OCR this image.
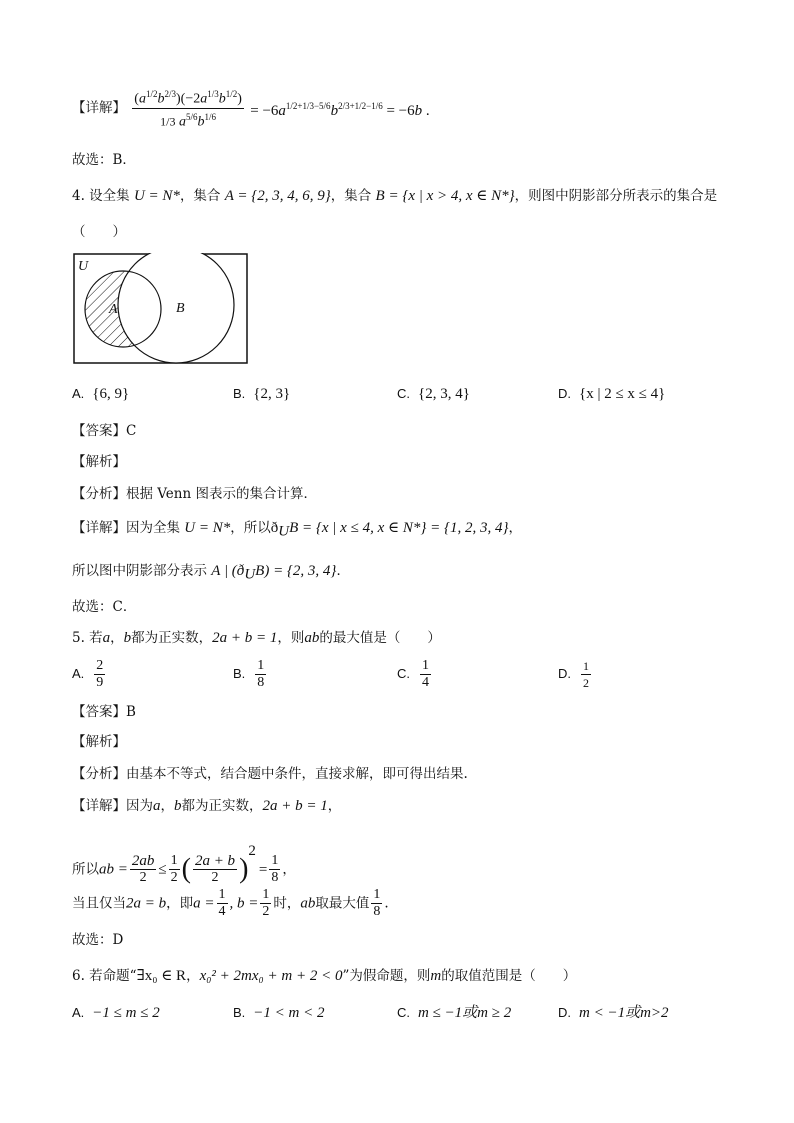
【详解】 $\frac{(a^{1/2}b^{2/3})(-2a^{1/3}b^{1/2})}{1/3 a^{5/6}b^{1/6}} = -6a^{1/2+1/3-5/6}b^{2/3+1/2-1/6} = -6b$ .
故选：B．
4. 设全集 U = N*，集合 A = {2, 3, 4, 6, 9}，集合 B = {x | x > 4, x ∈ N*}，则图中阴影部分所表示的集合是
（　　）
U
A	B
A. {6, 9}	B. {2, 3}	C. {2, 3, 4}	D. {x | 2 ≤ x ≤ 4}
【答案】C
【解析】
【分析】根据 Venn 图表示的集合计算．
【详解】因为全集 U = N*，所以$ð_UB = \{x$ | x ≤ 4, x ∈ N*} = {1, 2, 3, 4}，
所以图中阴影部分表示 A | $(ð_UB) = \{2$, 3, 4}．
故选：C．
5. 若a，b都为正实数，2a + b = 1，则ab的最大值是（　　）
A. $\frac{2}{9}$	B. $\frac{1}{8}$	C. $\frac{1}{4}$	D. $\frac{1}{2}$
【答案】B
【解析】
【分析】由基本不等式，结合题中条件，直接求解，即可得出结果.
【详解】因为a，b都为正实数，2a + b = 1，
所以ab = $\frac{2ab}{2} \le \frac{1}{2}$ ( $\frac{2a + b}{2} )^2= \frac{1}{8}$ ，
当且仅当2a = b，即$a = \frac{1}{4}$ , $b = \frac{1}{2}$ 时，ab取最大值 $\frac{1}{8}$ .
故选：D
6. 若命题“∃x₀ ∈ R，x₀² + 2mx₀ + m + 2 < 0”为假命题，则m的取值范围是（　　）
A. −1 ≤ m ≤ 2	B. −1 < m < 2	C. m ≤ −1或m ≥ 2	D. m < −1或m>2
